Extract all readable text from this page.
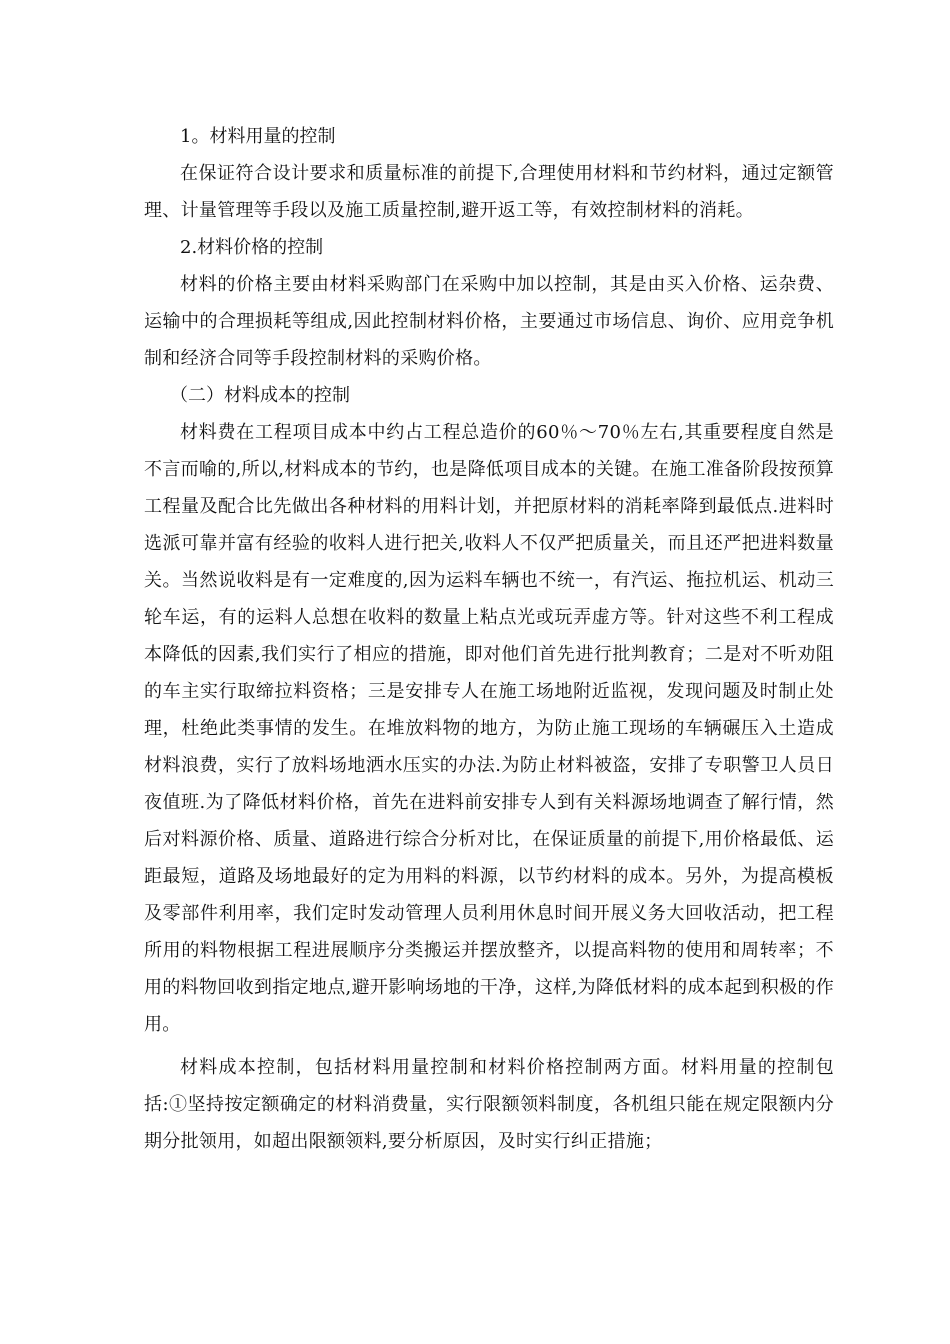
1。材料用量的控制

在保证符合设计要求和质量标准的前提下,合理使用材料和节约材料，通过定额管理、计量管理等手段以及施工质量控制,避开返工等，有效控制材料的消耗。

2.材料价格的控制

材料的价格主要由材料采购部门在采购中加以控制，其是由买入价格、运杂费、运输中的合理损耗等组成,因此控制材料价格，主要通过市场信息、询价、应用竞争机制和经济合同等手段控制材料的采购价格。

（二）材料成本的控制

材料费在工程项目成本中约占工程总造价的60％～70％左右,其重要程度自然是不言而喻的,所以,材料成本的节约，也是降低项目成本的关键。在施工准备阶段按预算工程量及配合比先做出各种材料的用料计划，并把原材料的消耗率降到最低点.进料时选派可靠并富有经验的收料人进行把关,收料人不仅严把质量关，而且还严把进料数量关。当然说收料是有一定难度的,因为运料车辆也不统一，有汽运、拖拉机运、机动三轮车运，有的运料人总想在收料的数量上粘点光或玩弄虚方等。针对这些不利工程成本降低的因素,我们实行了相应的措施，即对他们首先进行批判教育；二是对不听劝阻的车主实行取缔拉料资格；三是安排专人在施工场地附近监视，发现问题及时制止处理，杜绝此类事情的发生。在堆放料物的地方，为防止施工现场的车辆碾压入土造成材料浪费，实行了放料场地洒水压实的办法.为防止材料被盗，安排了专职警卫人员日夜值班.为了降低材料价格，首先在进料前安排专人到有关料源场地调查了解行情，然后对料源价格、质量、道路进行综合分析对比，在保证质量的前提下,用价格最低、运距最短，道路及场地最好的定为用料的料源，以节约材料的成本。另外，为提高模板及零部件利用率，我们定时发动管理人员利用休息时间开展义务大回收活动，把工程所用的料物根据工程进展顺序分类搬运并摆放整齐，以提高料物的使用和周转率；不用的料物回收到指定地点,避开影响场地的干净，这样,为降低材料的成本起到积极的作用。

材料成本控制，包括材料用量控制和材料价格控制两方面。材料用量的控制包括:①坚持按定额确定的材料消费量，实行限额领料制度，各机组只能在规定限额内分期分批领用，如超出限额领料,要分析原因，及时实行纠正措施；
